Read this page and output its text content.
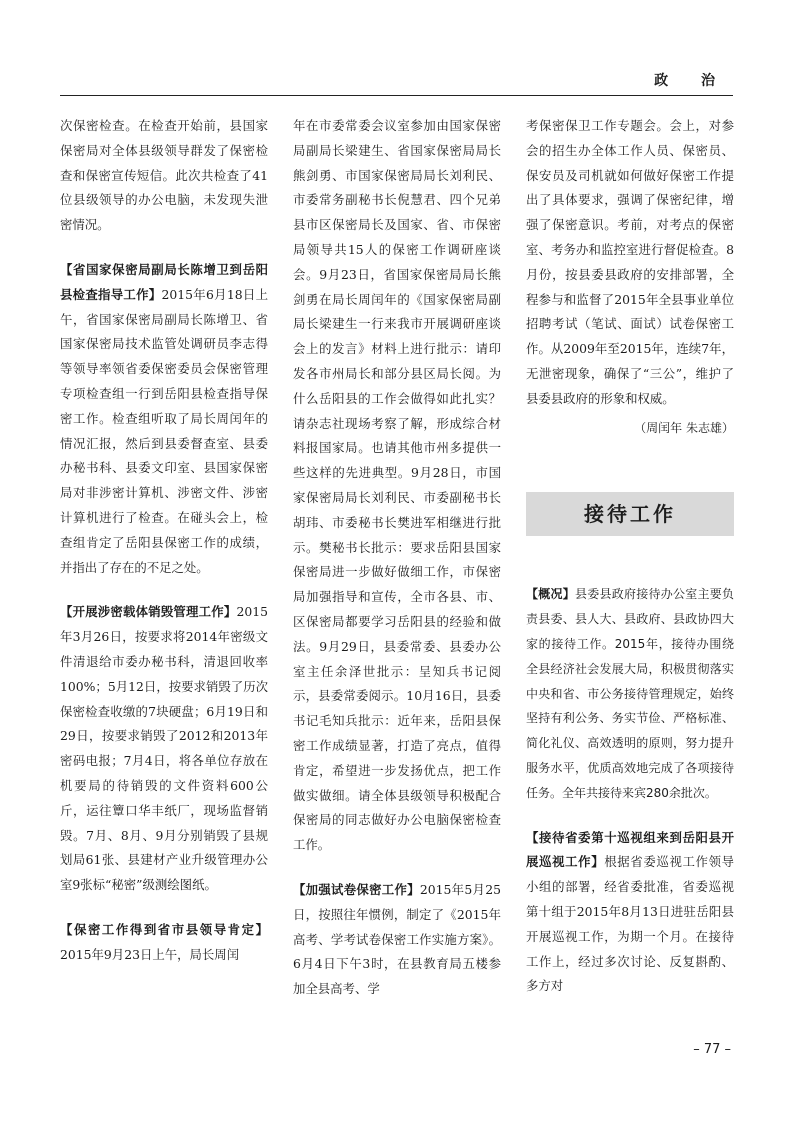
政 治

次保密检查。在检查开始前，县国家保密局对全体县级领导群发了保密检查和保密宣传短信。此次共检查了41位县级领导的办公电脑，未发现失泄密情况。

【省国家保密局副局长陈增卫到岳阳县检查指导工作】2015年6月18日上午，省国家保密局副局长陈增卫、省国家保密局技术监管处调研员李志得等领导率领省委保密委员会保密管理专项检查组一行到岳阳县检查指导保密工作。检查组听取了局长周闰年的情况汇报，然后到县委督查室、县委办秘书科、县委文印室、县国家保密局对非涉密计算机、涉密文件、涉密计算机进行了检查。在碰头会上，检查组肯定了岳阳县保密工作的成绩，并指出了存在的不足之处。

【开展涉密载体销毁管理工作】2015年3月26日，按要求将2014年密级文件清退给市委办秘书科，清退回收率100%；5月12日，按要求销毁了历次保密检查收缴的7块硬盘；6月19日和29日，按要求销毁了2012和2013年密码电报；7月4日，将各单位存放在机要局的待销毁的文件资料600公斤，运往簟口华丰纸厂，现场监督销毁。7月、8月、9月分别销毁了县规划局61张、县建材产业升级管理办公室9张标“秘密”级测绘图纸。

【保密工作得到省市县领导肯定】2015年9月23日上午，局长周闰

年在市委常委会议室参加由国家保密局副局长梁建生、省国家保密局局长熊剑勇、市国家保密局局长刘利民、市委常务副秘书长倪慧君、四个兄弟县市区保密局长及国家、省、市保密局领导共15人的保密工作调研座谈会。9月23日，省国家保密局局长熊剑勇在局长周闰年的《国家保密局副局长梁建生一行来我市开展调研座谈会上的发言》材料上进行批示：请印发各市州局长和部分县区局长阅。为什么岳阳县的工作会做得如此扎实？请杂志社现场考察了解，形成综合材料报国家局。也请其他市州多提供一些这样的先进典型。9月28日，市国家保密局局长刘利民、市委副秘书长胡玮、市委秘书长樊进军相继进行批示。樊秘书长批示：要求岳阳县国家保密局进一步做好做细工作，市保密局加强指导和宣传，全市各县、市、区保密局都要学习岳阳县的经验和做法。9月29日，县委常委、县委办公室主任余泽世批示：呈知兵书记阅示，县委常委阅示。10月16日，县委书记毛知兵批示：近年来，岳阳县保密工作成绩显著，打造了亮点，值得肯定，希望进一步发扬优点，把工作做实做细。请全体县级领导积极配合保密局的同志做好办公电脑保密检查工作。

【加强试卷保密工作】2015年5月25日，按照往年惯例，制定了《2015年高考、学考试卷保密工作实施方案》。6月4日下午3时，在县教育局五楼参加全县高考、学

考保密保卫工作专题会。会上，对参会的招生办全体工作人员、保密员、保安员及司机就如何做好保密工作提出了具体要求，强调了保密纪律，增强了保密意识。考前，对考点的保密室、考务办和监控室进行督促检查。8月份，按县委县政府的安排部署，全程参与和监督了2015年全县事业单位招聘考试（笔试、面试）试卷保密工作。从2009年至2015年，连续7年，无泄密现象，确保了“三公”，维护了县委县政府的形象和权威。

（周闰年 朱志雄）

接待工作

【概况】县委县政府接待办公室主要负责县委、县人大、县政府、县政协四大家的接待工作。2015年，接待办围绕全县经济社会发展大局，积极贯彻落实中央和省、市公务接待管理规定，始终坚持有利公务、务实节俭、严格标准、简化礼仪、高效透明的原则，努力提升服务水平，优质高效地完成了各项接待任务。全年共接待来宾280余批次。

【接待省委第十巡视组来到岳阳县开展巡视工作】根据省委巡视工作领导小组的部署，经省委批准，省委巡视第十组于2015年8月13日进驻岳阳县开展巡视工作，为期一个月。在接待工作上，经过多次讨论、反复斟酌、多方对

– 77 –
